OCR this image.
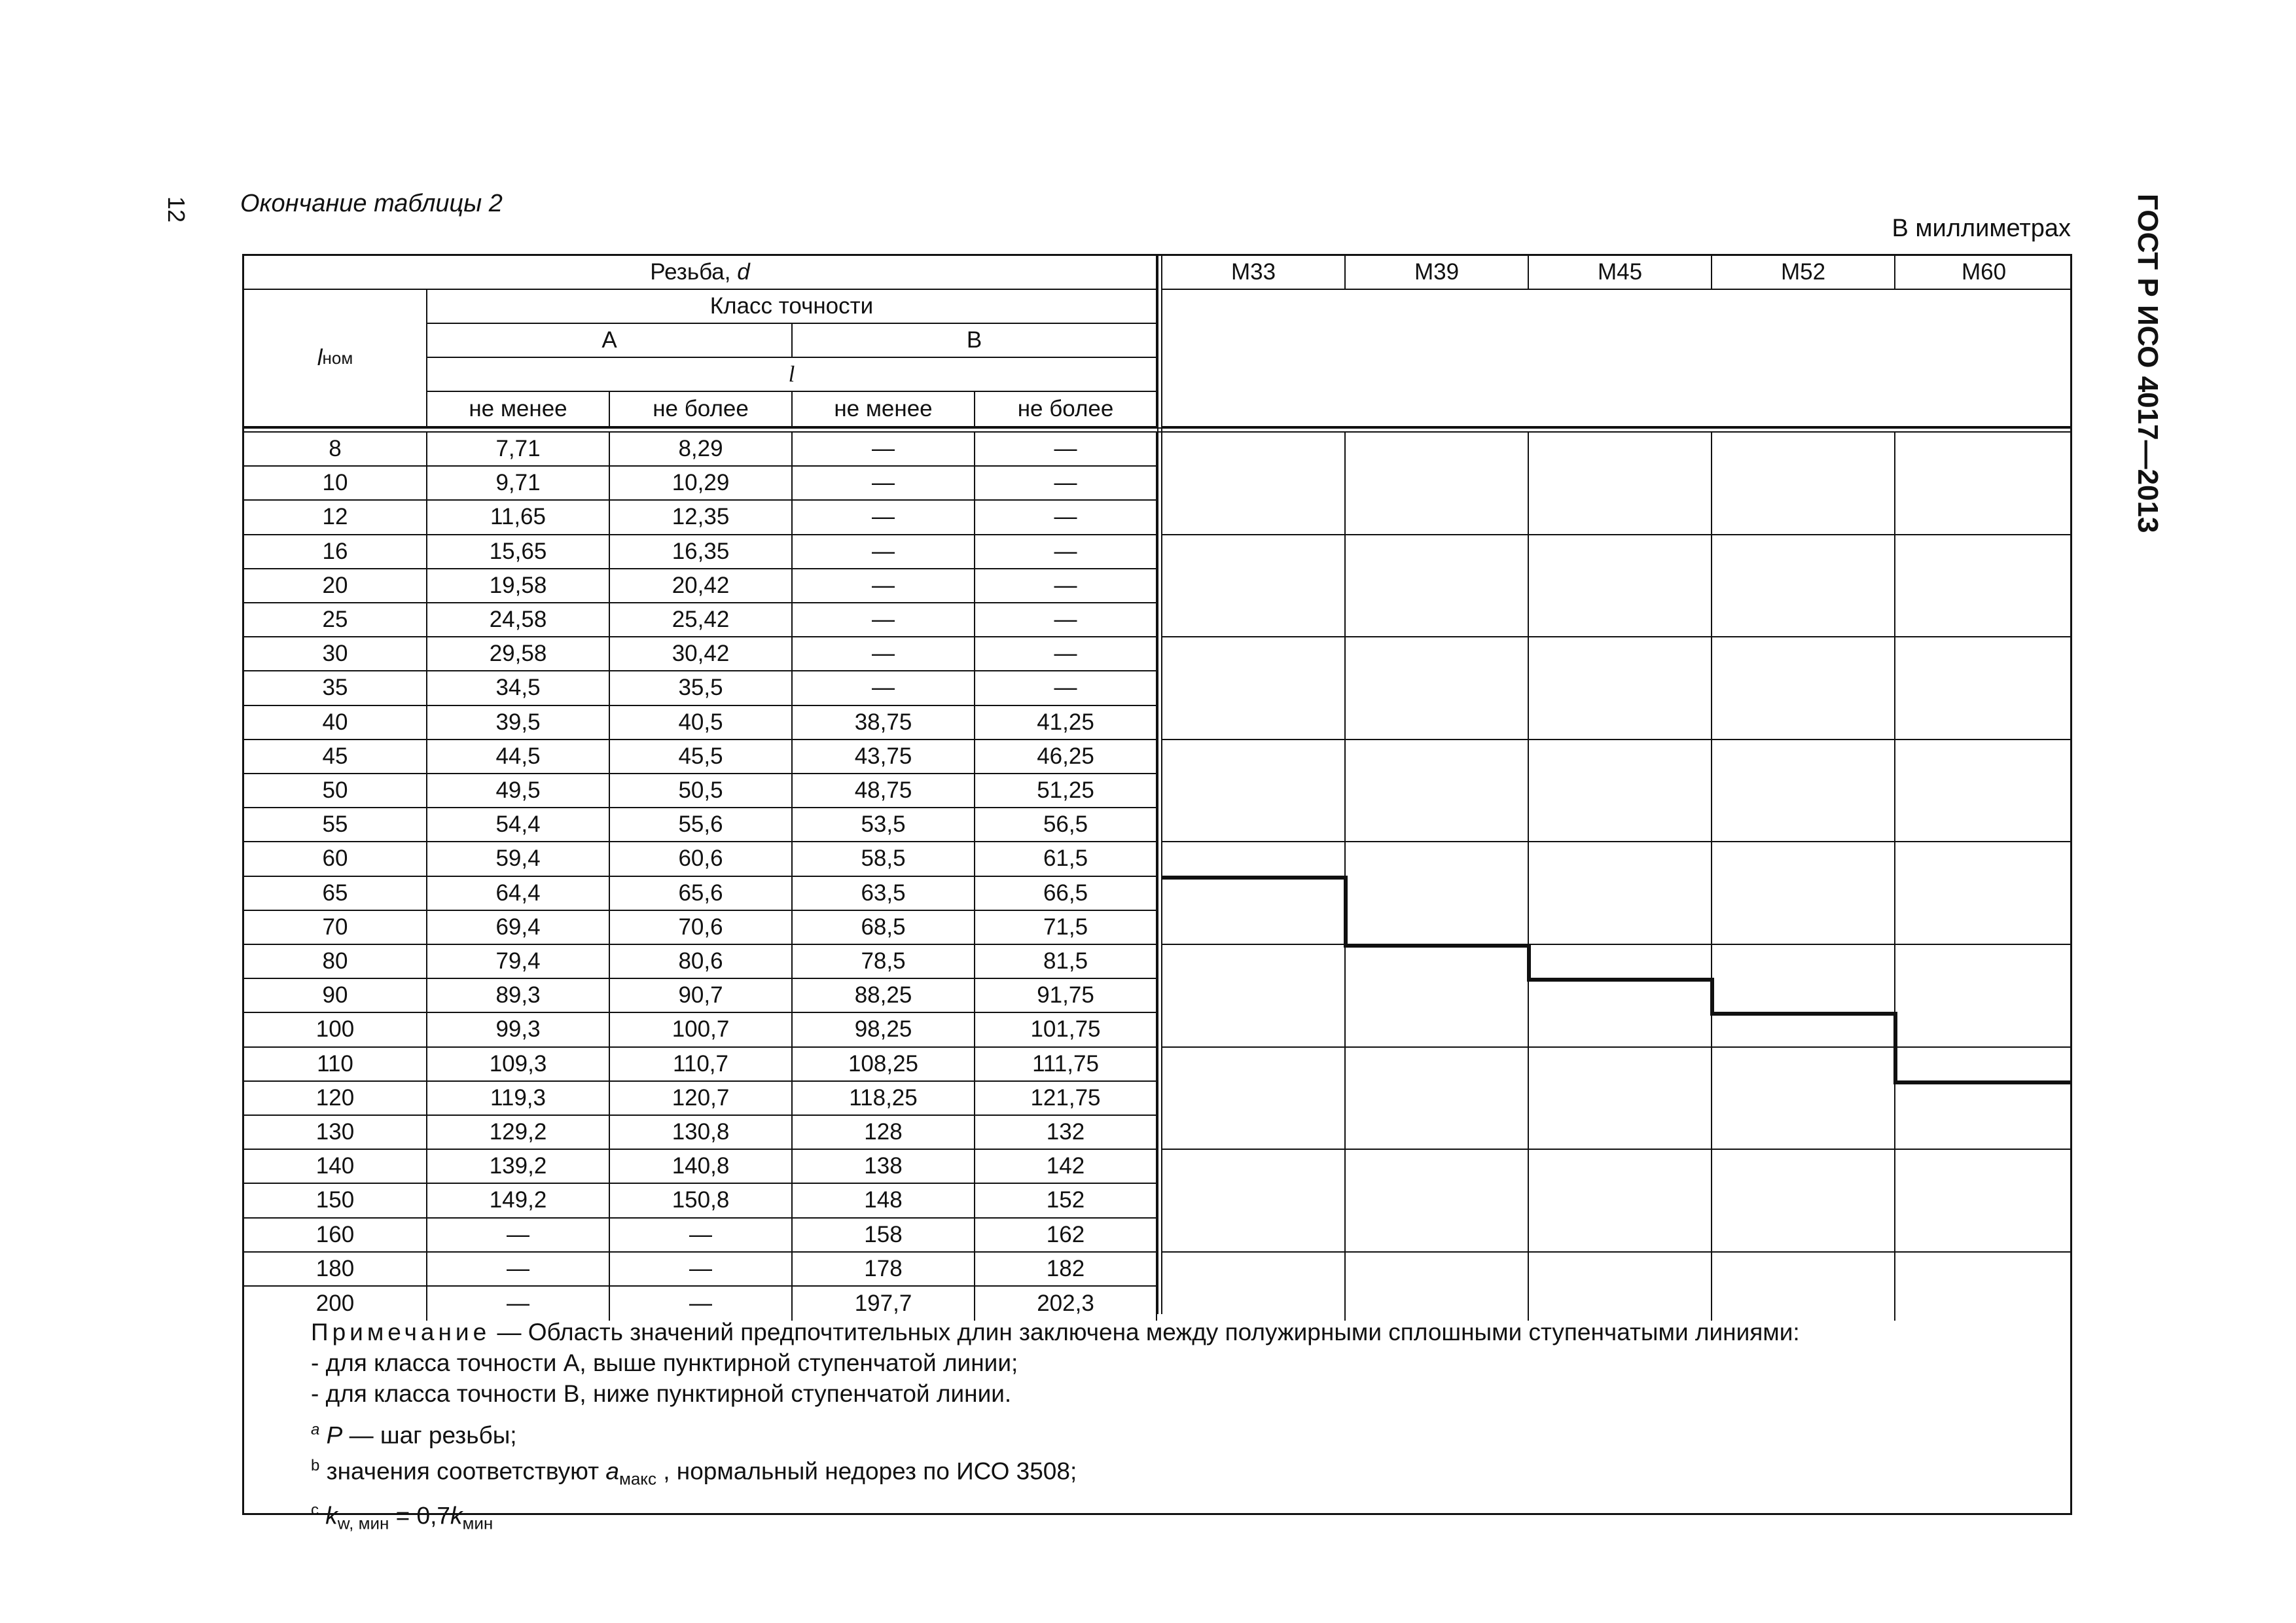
12 Окончание таблицы 2
В миллиметрах ГОСТ Р ИСО 4017—2013
Резьба, d	M33	M39	M45	M52	M60
l ном
Класс точности
А	В
l
не менее	не более	не менее	не более
8	7,71	8,29	—	—
10	9,71	10,29	—	—
12	11,65	12,35	—	—
16	15,65	16,35	—	—
20	19,58	20,42	—	—
25	24,58	25,42	—	—
30	29,58	30,42	—	—
35	34,5	35,5	—	—
40	39,5	40,5	38,75	41,25
45	44,5	45,5	43,75	46,25
50	49,5	50,5	48,75	51,25
55	54,4	55,6	53,5	56,5
60	59,4	60,6	58,5	61,5
65	64,4	65,6	63,5	66,5
70	69,4	70,6	68,5	71,5
80	79,4	80,6	78,5	81,5
90	89,3	90,7	88,25	91,75
100	99,3	100,7	98,25	101,75
110	109,3	110,7	108,25	111,75
120	119,3	120,7	118,25	121,75
130	129,2	130,8	128	132
140	139,2	140,8	138	142
150	149,2	150,8	148	152
160	—	—	158	162
180	—	—	178	182
200	—	—	197,7	202,3
Примечание — Область значений предпочтительных длин заключена между полужирными сплошными ступенчатыми линиями:
- для класса точности А, выше пунктирной ступенчатой линии;
- для класса точности В, ниже пунктирной ступенчатой линии.
$^a$ P — шаг резьбы;
$^b$ значения соответствуют $a_{макс}$ , нормальный недорез по ИСО 3508;
$^c$ $k_{w, мин} = 0,7k_{мин}$
